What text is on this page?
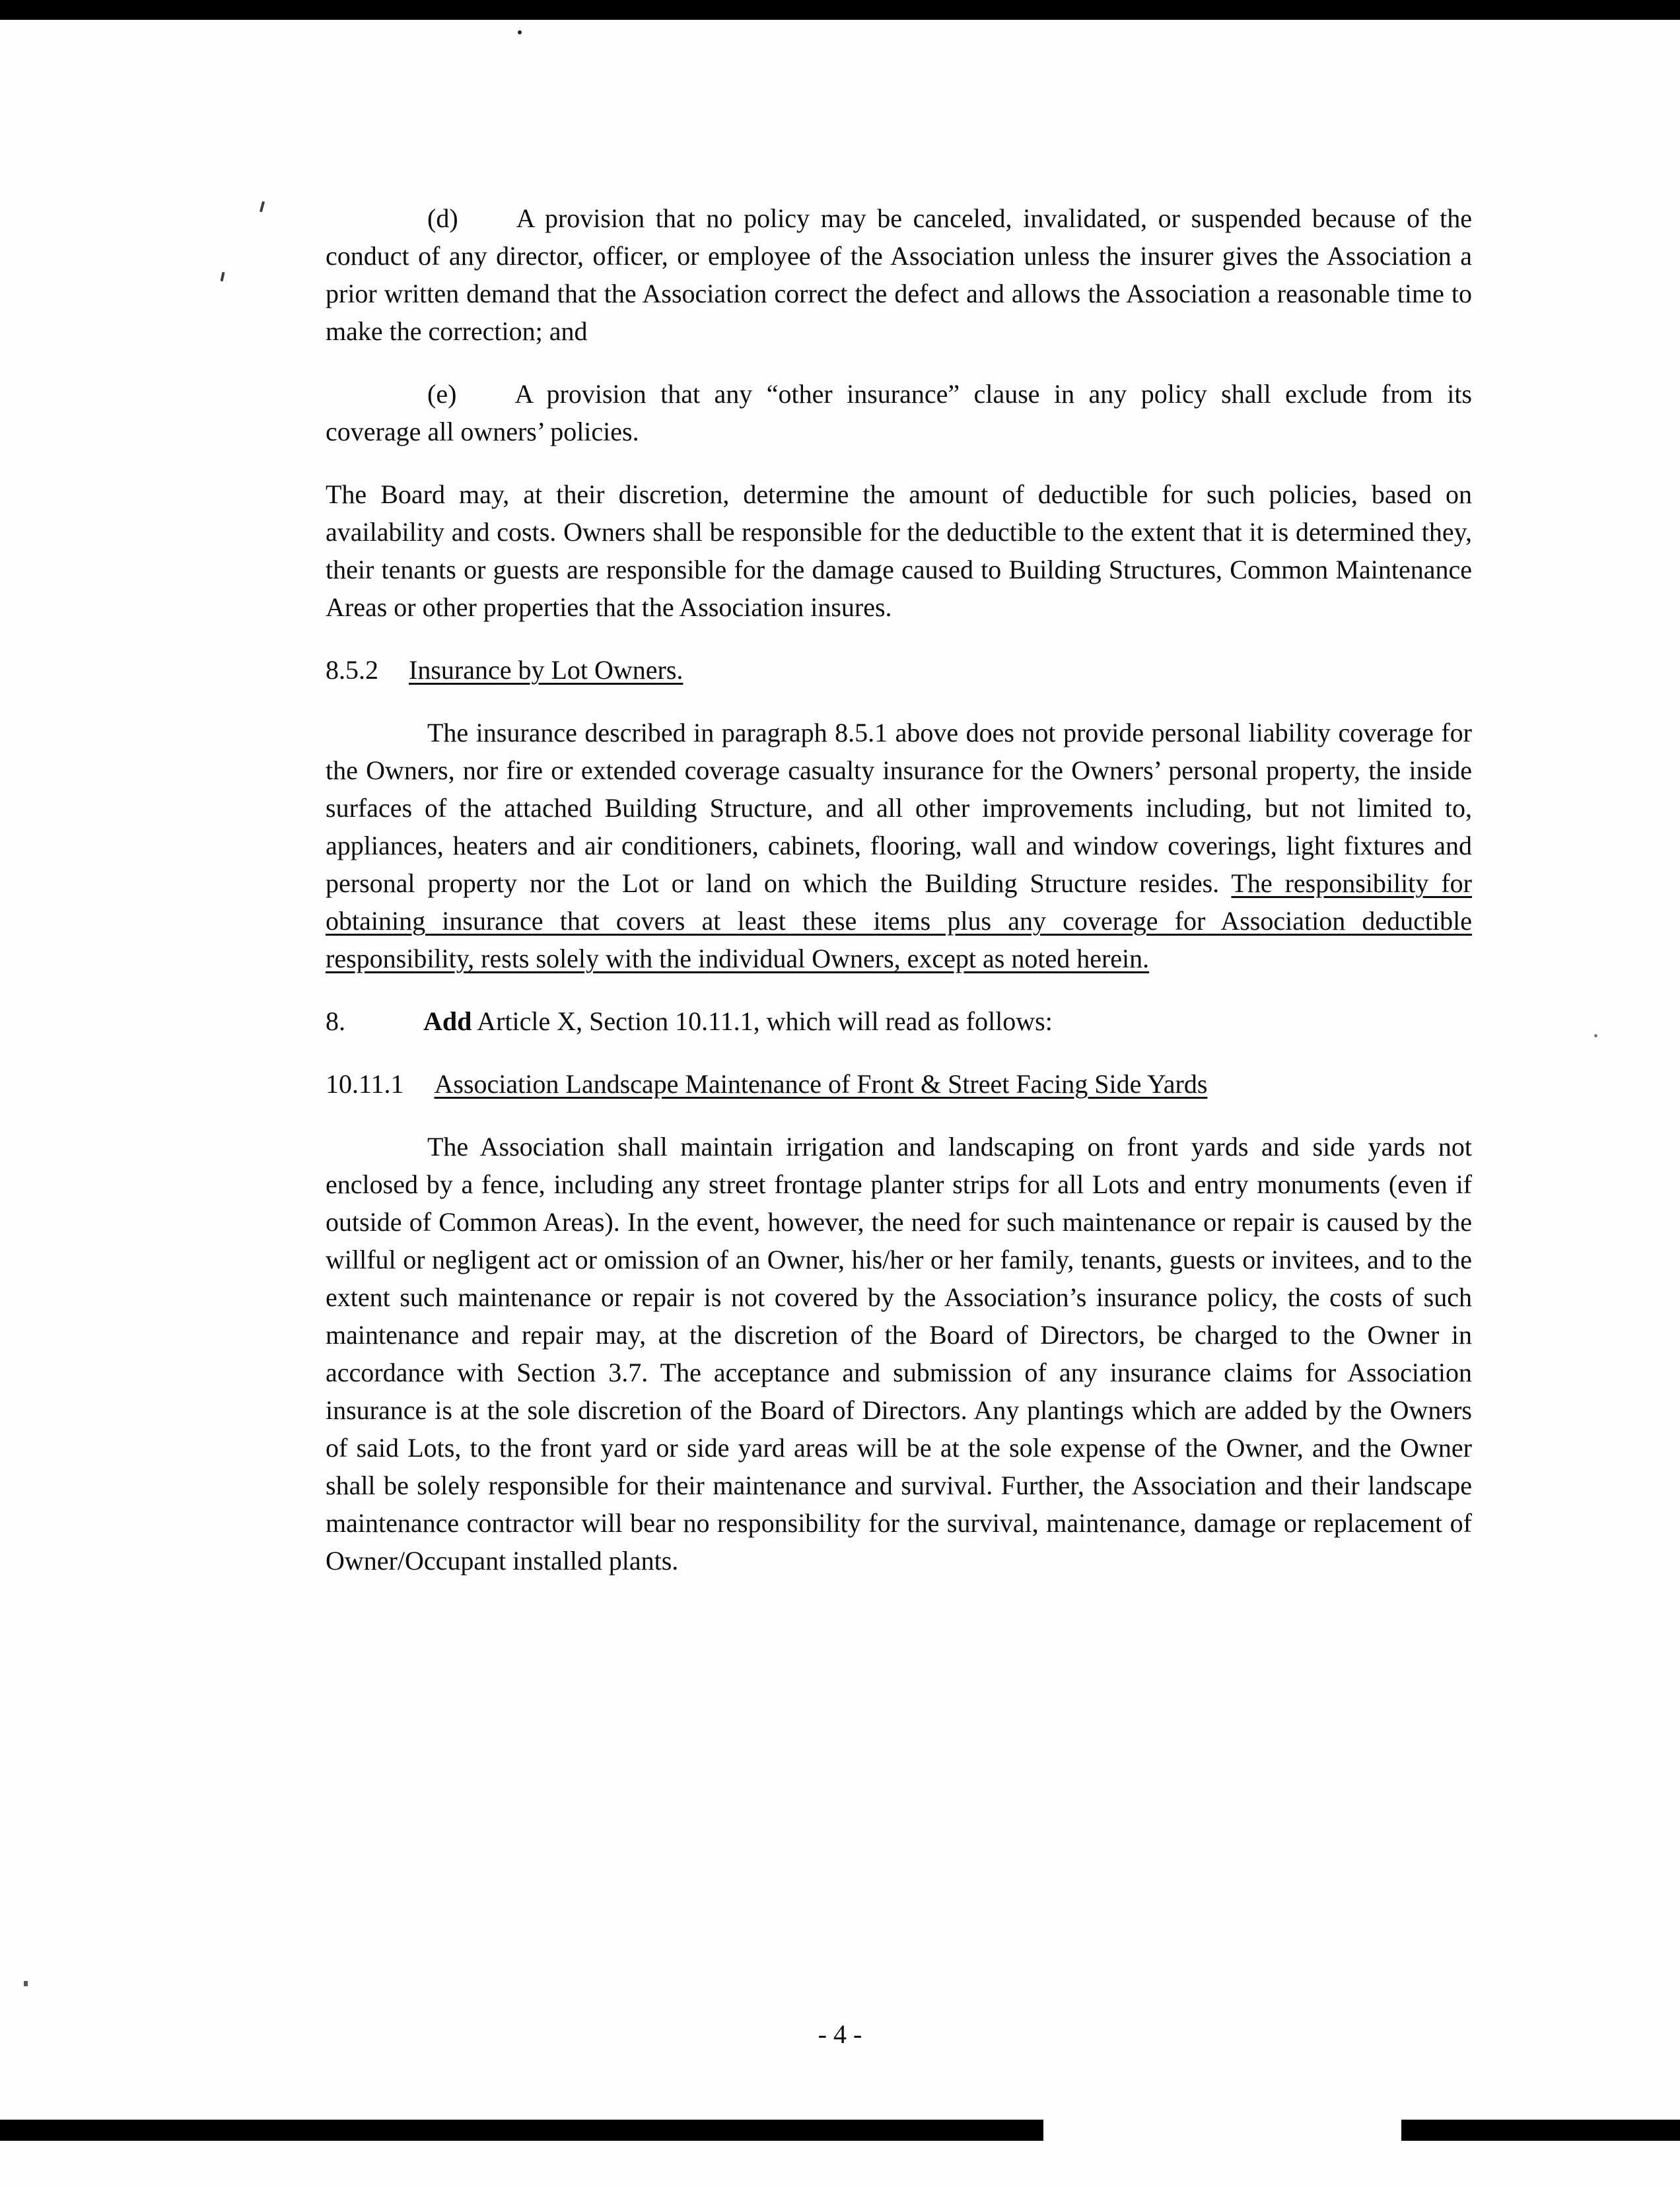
(d) A provision that no policy may be canceled, invalidated, or suspended because of the conduct of any director, officer, or employee of the Association unless the insurer gives the Association a prior written demand that the Association correct the defect and allows the Association a reasonable time to make the correction; and

(e) A provision that any “other insurance” clause in any policy shall exclude from its coverage all owners’ policies.

The Board may, at their discretion, determine the amount of deductible for such policies, based on availability and costs. Owners shall be responsible for the deductible to the extent that it is determined they, their tenants or guests are responsible for the damage caused to Building Structures, Common Maintenance Areas or other properties that the Association insures.

8.5.2 Insurance by Lot Owners.

The insurance described in paragraph 8.5.1 above does not provide personal liability coverage for the Owners, nor fire or extended coverage casualty insurance for the Owners’ personal property, the inside surfaces of the attached Building Structure, and all other improvements including, but not limited to, appliances, heaters and air conditioners, cabinets, flooring, wall and window coverings, light fixtures and personal property nor the Lot or land on which the Building Structure resides. The responsibility for obtaining insurance that covers at least these items plus any coverage for Association deductible responsibility, rests solely with the individual Owners, except as noted herein.

8.	Add Article X, Section 10.11.1, which will read as follows:

10.11.1 Association Landscape Maintenance of Front & Street Facing Side Yards

The Association shall maintain irrigation and landscaping on front yards and side yards not enclosed by a fence, including any street frontage planter strips for all Lots and entry monuments (even if outside of Common Areas). In the event, however, the need for such maintenance or repair is caused by the willful or negligent act or omission of an Owner, his/her or her family, tenants, guests or invitees, and to the extent such maintenance or repair is not covered by the Association’s insurance policy, the costs of such maintenance and repair may, at the discretion of the Board of Directors, be charged to the Owner in accordance with Section 3.7. The acceptance and submission of any insurance claims for Association insurance is at the sole discretion of the Board of Directors. Any plantings which are added by the Owners of said Lots, to the front yard or side yard areas will be at the sole expense of the Owner, and the Owner shall be solely responsible for their maintenance and survival. Further, the Association and their landscape maintenance contractor will bear no responsibility for the survival, maintenance, damage or replacement of Owner/Occupant installed plants.

- 4 -
